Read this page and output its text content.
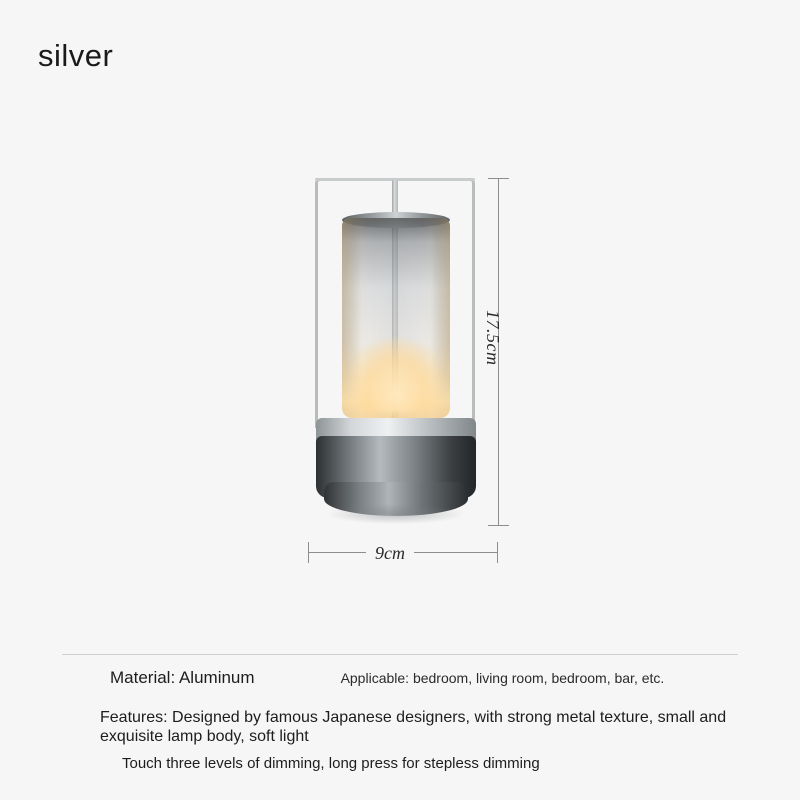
silver
17.5cm
9cm
Material: Aluminum	Applicable: bedroom, living room, bedroom, bar, etc.
Features: Designed by famous Japanese designers, with strong metal texture, small and exquisite lamp body, soft light
Touch three levels of dimming, long press for stepless dimming
